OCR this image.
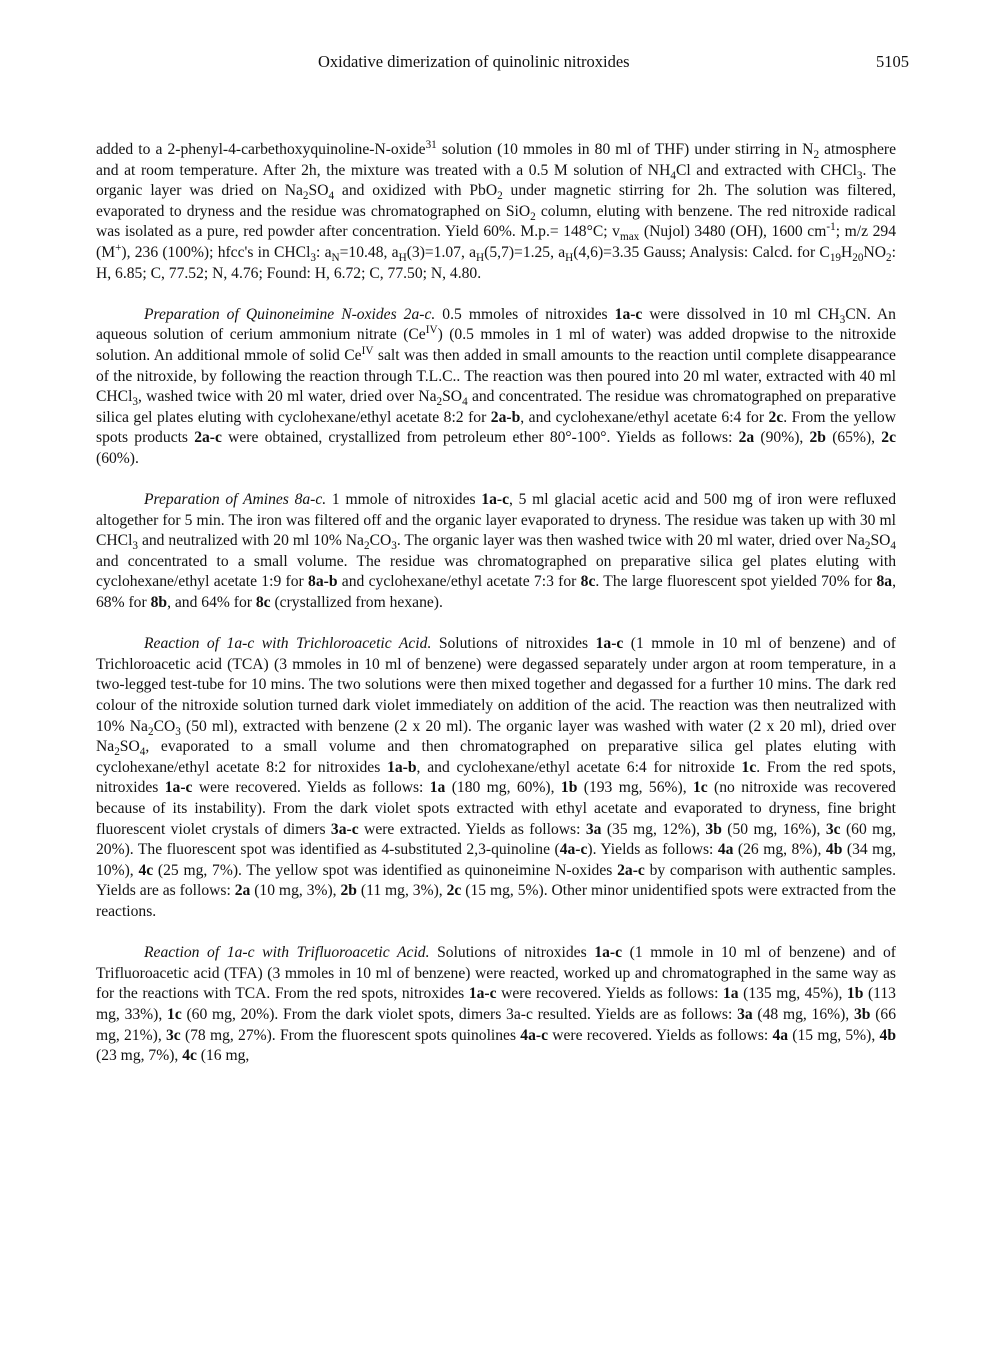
Oxidative dimerization of quinolinic nitroxides	5105

added to a 2-phenyl-4-carbethoxyquinoline-N-oxide$^{31}$ solution (10 mmoles in 80 ml of THF) under stirring in $N_2$ atmosphere and at room temperature. After 2h, the mixture was treated with a 0.5 M solution of $NH_4Cl$ and extracted with CHCl$_3$. The organic layer was dried on $Na_2SO_4$ and oxidized with PbO$_2$ under magnetic stirring for 2h. The solution was filtered, evaporated to dryness and the residue was chromatographed on SiO$_2$ column, eluting with benzene. The red nitroxide radical was isolated as a pure, red powder after concentration. Yield 60%. M.p.= 148°C; $v_{max}$ (Nujol) 3480 (OH), 1600 $cm^{-1}$; m/z 294 (M+), 236 (100%); hfcc's in CHCl$_3$: $a_N=10.48$, $a_H(3)=1.07$, $a_H(5,7)=1.25$, $a_H(4,6)=3.35$ Gauss; Analysis: Calcd. for $C_{19}H_{20}NO_2$: H, 6.85; C, 77.52; N, 4.76; Found: H, 6.72; C, 77.50; N, 4.80.

Preparation of Quinoneimine N-oxides 2a-c. 0.5 mmoles of nitroxides 1a-c were dissolved in 10 ml $CH_3CN$. An aqueous solution of cerium ammonium nitrate $(Ce^{IV})$ (0.5 mmoles in 1 ml of water) was added dropwise to the nitroxide solution. An additional mmole of solid $Ce^{IV}$ salt was then added in small amounts to the reaction until complete disappearance of the nitroxide, by following the reaction through T.L.C.. The reaction was then poured into 20 ml water, extracted with 40 ml CHCl$_3$, washed twice with 20 ml water, dried over $Na_2SO_4$ and concentrated. The residue was chromatographed on preparative silica gel plates eluting with cyclohexane/ethyl acetate 8:2 for 2a-b, and cyclohexane/ethyl acetate 6:4 for 2c. From the yellow spots products 2a-c were obtained, crystallized from petroleum ether 80°-100°. Yields as follows: 2a (90%), 2b (65%), 2c (60%).

Preparation of Amines 8a-c. 1 mmole of nitroxides 1a-c, 5 ml glacial acetic acid and 500 mg of iron were refluxed altogether for 5 min. The iron was filtered off and the organic layer evaporated to dryness. The residue was taken up with 30 ml CHCl$_3$ and neutralized with 20 ml 10% $Na_2CO_3$. The organic layer was then washed twice with 20 ml water, dried over $Na_2SO_4$ and concentrated to a small volume. The residue was chromatographed on preparative silica gel plates eluting with cyclohexane/ethyl acetate 1:9 for 8a-b and cyclohexane/ethyl acetate 7:3 for 8c. The large fluorescent spot yielded 70% for 8a, 68% for 8b, and 64% for 8c (crystallized from hexane).

Reaction of 1a-c with Trichloroacetic Acid. Solutions of nitroxides 1a-c (1 mmole in 10 ml of benzene) and of Trichloroacetic acid (TCA) (3 mmoles in 10 ml of benzene) were degassed separately under argon at room temperature, in a two-legged test-tube for 10 mins. The two solutions were then mixed together and degassed for a further 10 mins. The dark red colour of the nitroxide solution turned dark violet immediately on addition of the acid. The reaction was then neutralized with 10% $Na_2CO_3$ (50 ml), extracted with benzene (2 x 20 ml). The organic layer was washed with water (2 x 20 ml), dried over $Na_2SO_4$, evaporated to a small volume and then chromatographed on preparative silica gel plates eluting with cyclohexane/ethyl acetate 8:2 for nitroxides 1a-b, and cyclohexane/ethyl acetate 6:4 for nitroxide 1c. From the red spots, nitroxides 1a-c were recovered. Yields as follows: 1a (180 mg, 60%), 1b (193 mg, 56%), 1c (no nitroxide was recovered because of its instability). From the dark violet spots extracted with ethyl acetate and evaporated to dryness, fine bright fluorescent violet crystals of dimers 3a-c were extracted. Yields as follows: 3a (35 mg, 12%), 3b (50 mg, 16%), 3c (60 mg, 20%). The fluorescent spot was identified as 4-substituted 2,3-quinoline (4a-c). Yields as follows: 4a (26 mg, 8%), 4b (34 mg, 10%), 4c (25 mg, 7%). The yellow spot was identified as quinoneimine N-oxides 2a-c by comparison with authentic samples. Yields are as follows: 2a (10 mg, 3%), 2b (11 mg, 3%), 2c (15 mg, 5%). Other minor unidentified spots were extracted from the reactions.

Reaction of 1a-c with Trifluoroacetic Acid. Solutions of nitroxides 1a-c (1 mmole in 10 ml of benzene) and of Trifluoroacetic acid (TFA) (3 mmoles in 10 ml of benzene) were reacted, worked up and chromatographed in the same way as for the reactions with TCA. From the red spots, nitroxides 1a-c were recovered. Yields as follows: 1a (135 mg, 45%), 1b (113 mg, 33%), 1c (60 mg, 20%). From the dark violet spots, dimers 3a-c resulted. Yields are as follows: 3a (48 mg, 16%), 3b (66 mg, 21%), 3c (78 mg, 27%). From the fluorescent spots quinolines 4a-c were recovered. Yields as follows: 4a (15 mg, 5%), 4b (23 mg, 7%), 4c (16 mg,
